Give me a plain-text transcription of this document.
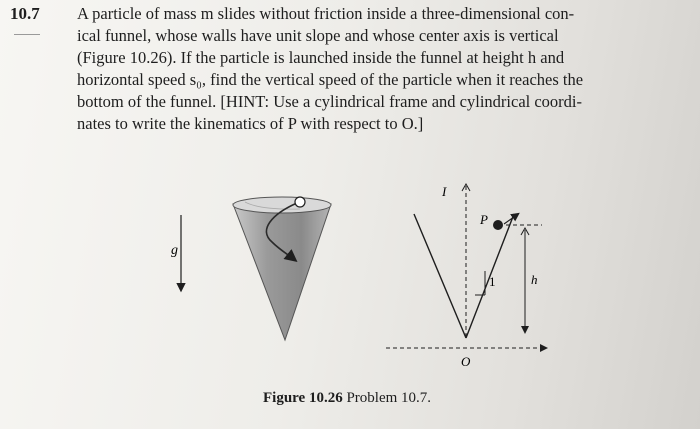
10.7 A particle of mass m slides without friction inside a three-dimensional con-
ical funnel, whose walls have unit slope and whose center axis is vertical
(Figure 10.26). If the particle is launched inside the funnel at height h and
horizontal speed s₀, find the vertical speed of the particle when it reaches the
bottom of the funnel. [HINT: Use a cylindrical frame and cylindrical coordi-
nates to write the kinematics of P with respect to O.]
g
I
P
1	h
O
Figure 10.26 Problem 10.7.
